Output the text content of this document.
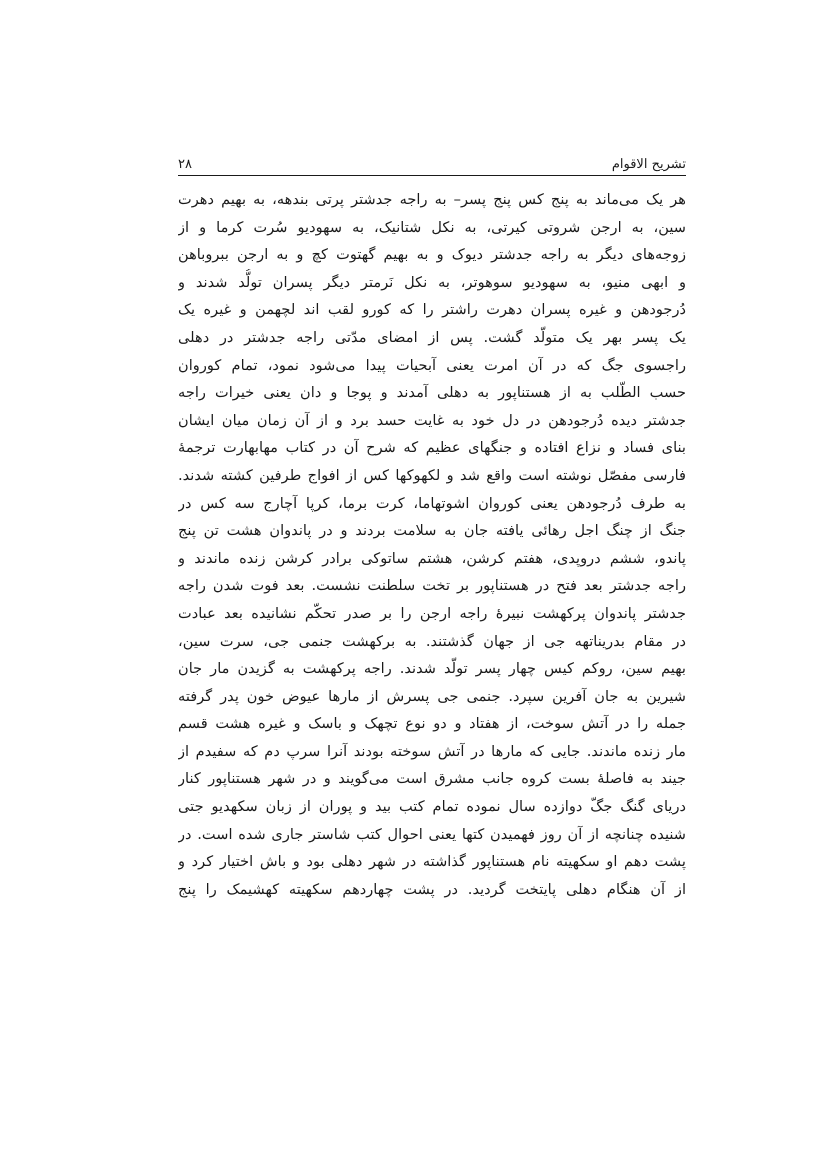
تشریح الاقوام
۲۸
هر یک می‌ماند به پنج کس پنج پسر– به راجه جدشتر پرتی بندهه، به بهیم دهرت
سین، به ارجن شروتی کیرتی، به نکل شتانیک، به سهودیو سُرت کرما و از
زوجه‌های دیگر به راجه جدشتر دیوک و به بهیم گهتوت کچ و به ارجن ببروباهن
و ابهی منیو، به سهودیو سوهوتر، به نکل نَرمتر دیگر پسران تولُّد شدند و
دُرجودهن و غیره پسران دهرت راشتر را که کورو لقب اند لچهمن و غیره یک
یک پسر بهر یک متولّد گشت. پس از امضای مدّتی راجه جدشتر در دهلی
راجسوی جگ که در آن امرت یعنی آبحیات پیدا می‌شود نمود، تمام کوروان
حسب الطّلب به از هستناپور به دهلی آمدند و پوجا و دان یعنی خیرات راجه
جدشتر دیده دُرجودهن در دل خود به غایت حسد برد و از آن زمان میان ایشان
بنای فساد و نزاع افتاده و جنگهای عظیم که شرح آن در کتاب مهابهارت ترجمهٔ
فارسی مفصّل نوشته است واقع شد و لکهوکها کس از افواج طرفین کشته شدند.
به طرف دُرجودهن یعنی کوروان اشوتهاما، کرت برما، کرپا آچارج سه کس در
جنگ از چنگ اجل رهائی یافته جان به سلامت بردند و در پاندوان هشت تن پنج
پاندو، ششم دروپدی، هفتم کرشن، هشتم ساتوکی برادر کرشن زنده ماندند و
راجه جدشتر بعد فتح در هستناپور بر تخت سلطنت نشست. بعد فوت شدن راجه
جدشتر پاندوان پرکهشت نبیرهٔ راجه ارجن را بر صدر تحکّم نشانیده بعد عبادت
در مقام بدریناتهه جی از جهان گذشتند. به برکهشت جنمی جی، سرت سین،
بهیم سین، روکم کیس چهار پسر تولّد شدند. راجه پرکهشت به گزیدن مار جان
شیرین به جان آفرین سپرد. جنمی جی پسرش از مارها عیوض خون پدر گرفته
جمله را در آتش سوخت، از هفتاد و دو نوع تچهک و باسک و غیره هشت قسم
مار زنده ماندند. جایی که مارها در آتش سوخته بودند آنرا سرپ دم که سفیدم از
جیند به فاصلهٔ بست کروه جانب مشرق است می‌گویند و در شهر هستناپور کنار
دریای گنگ جگّ دوازده سال نموده تمام کتب بید و پوران از زبان سکهدیو جتی
شنیده چنانچه از آن روز فهمیدن کتها یعنی احوال کتب شاستر جاری شده است. در
پشت دهم او سکهیته نام هستناپور گذاشته در شهر دهلی بود و باش اختیار کرد و
از آن هنگام دهلی پایتخت گردید. در پشت چهاردهم سکهیته کهشیمک را پنج
